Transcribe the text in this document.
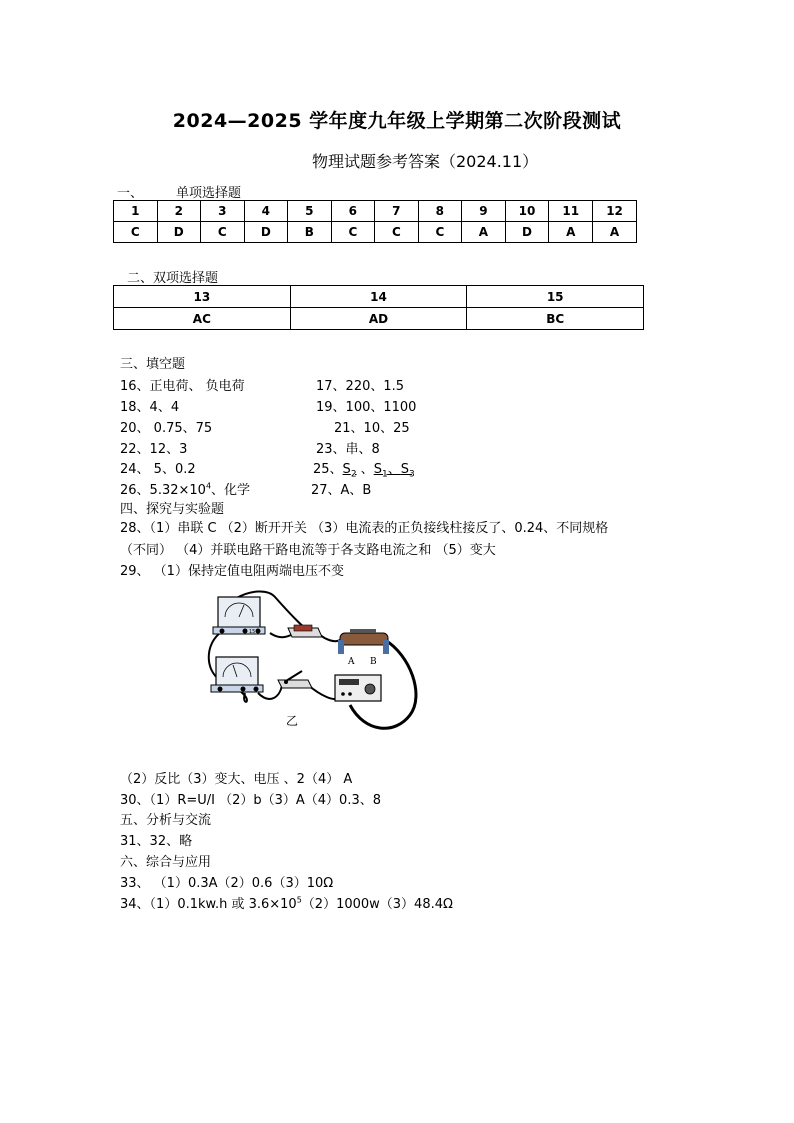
2024—2025 学年度九年级上学期第二次阶段测试
物理试题参考答案（2024.11）
一、	单项选择题
1	2	3	4	5	6	7	8	9	10	11	12
C	D	C	D	B	C	C	C	A	D	A	A
二、双项选择题
13	14	15
AC	AD	BC
三、填空题
16、正电荷、 负电荷	17、220、1.5
18、4、4	19、100、1100
20、 0.75、75	21、10、25
22、12、3	23、串、8
24、 5、0.2	25、$S_2$ 、$S_1$、$S_3$
26、$5.32\times 10^4$、化学	27、A、B
四、探究与实验题
28、（1）串联 C （2）断开开关 （3）电流表的正负接线柱接反了、0.24、不同规格
（不同） （4）并联电路干路电流等于各支路电流之和 （5）变大
29、 （1）保持定值电阻两端电压不变
15
A B
乙
（2）反比（3）变大、电压 、2（4） A
30、（1）R=U/I （2）b（3）A（4）0.3、8
五、分析与交流
31、32、略
六、综合与应用
33、 （1）0.3A（2）0.6（3）10Ω
34、（1）0.1kw.h 或 $3.6\times 10^5(2)1000w(3)48.4\Omega$
